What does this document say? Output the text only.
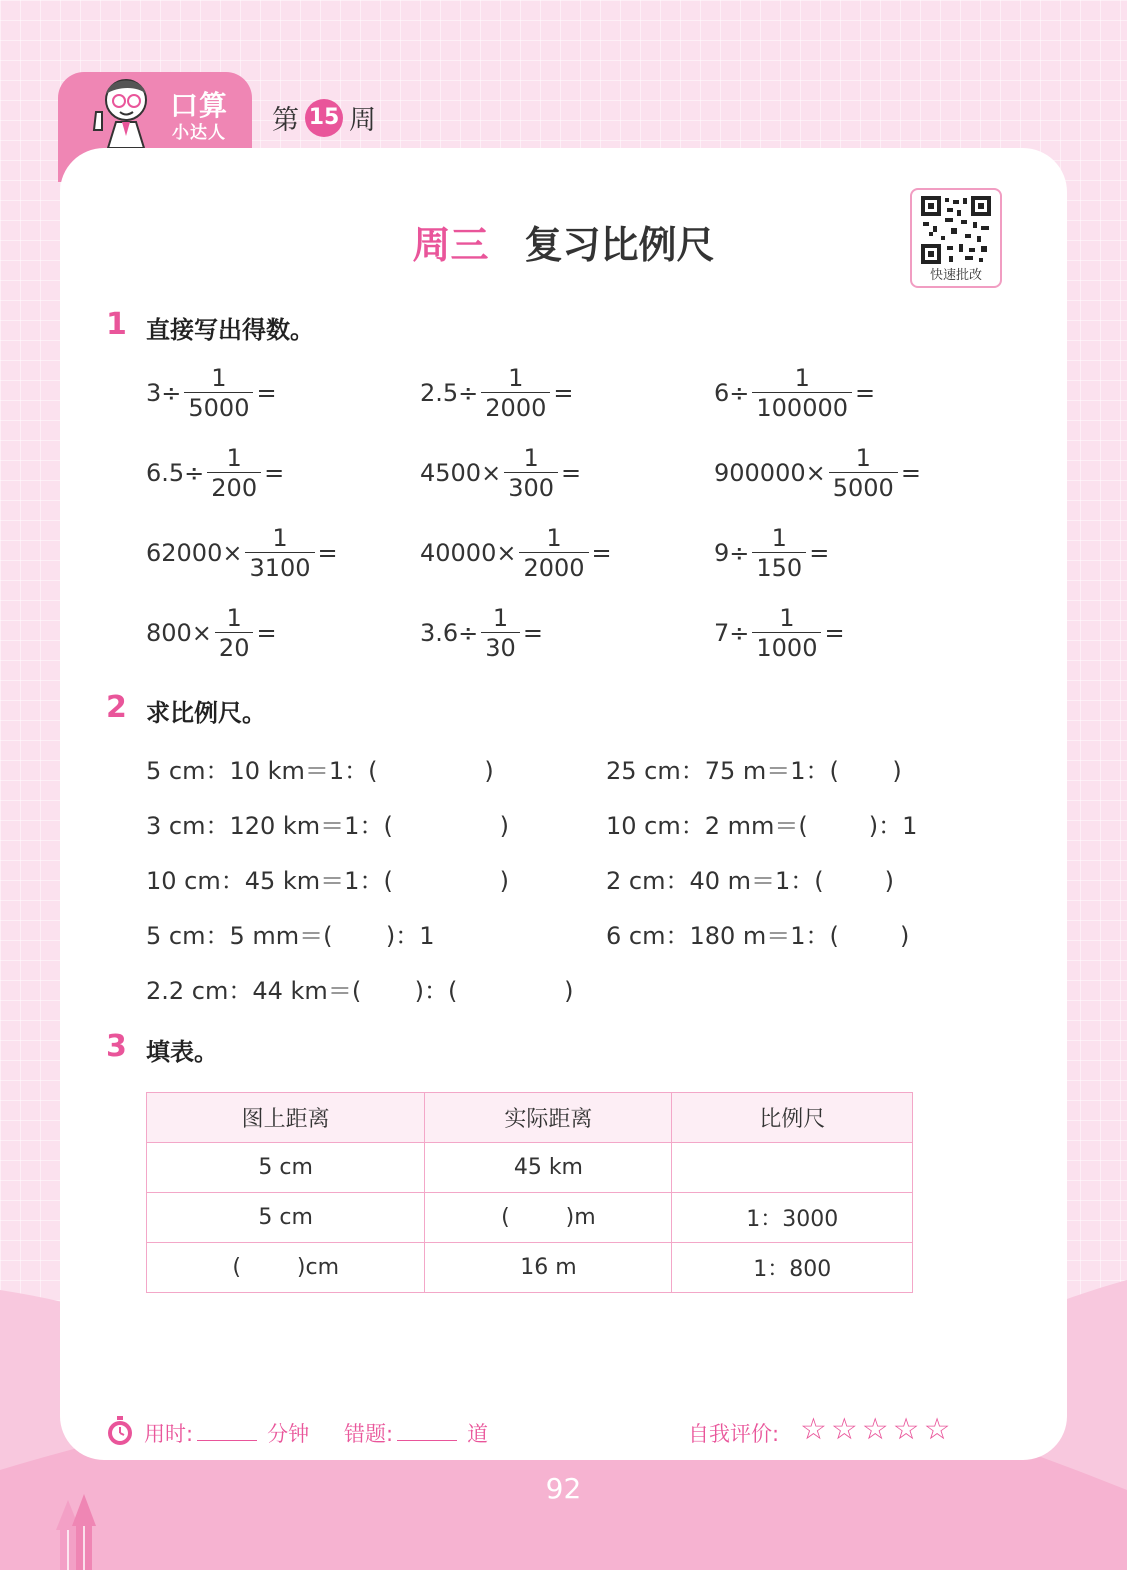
口算
小达人 第 15 周
周三 复习比例尺
快速批改
1 直接写出得数。
$3\div \frac{1}{5000}$ =	$2.5\div \frac{1}{2000}$ =	$6\div \frac{1}{100000}$ =
$6.5\div \frac{1}{200}$ =	$4500\times \frac{1}{300}$ =	$900000\times \frac{1}{5000}$ =
$62000\times \frac{1}{3100}$ =	$40000\times \frac{1}{2000}$ =	$9\div \frac{1}{150}$ =
$800\times \frac{1}{20}$ =	$3.6\div \frac{1}{30}$ =	$7\div \frac{1}{1000}$ =
2 求比例尺。
5 cm：10 km＝1：(              )	25 cm：75 m＝1：(       )
3 cm：120 km＝1：(              )	10 cm：2 mm＝(        )：1
10 cm：45 km＝1：(              )	2 cm：40 m＝1：(        )
5 cm：5 mm＝(       )：1	6 cm：180 m＝1：(        )
2.2 cm：44 km＝(       )：(              )
3 填表。
图上距离	实际距离	比例尺
5 cm	45 km	
5 cm	(        )m	1：3000
(        )cm	16 m	1：800
用时:	分钟 错题:	道	自我评价: ☆☆☆☆☆
92
